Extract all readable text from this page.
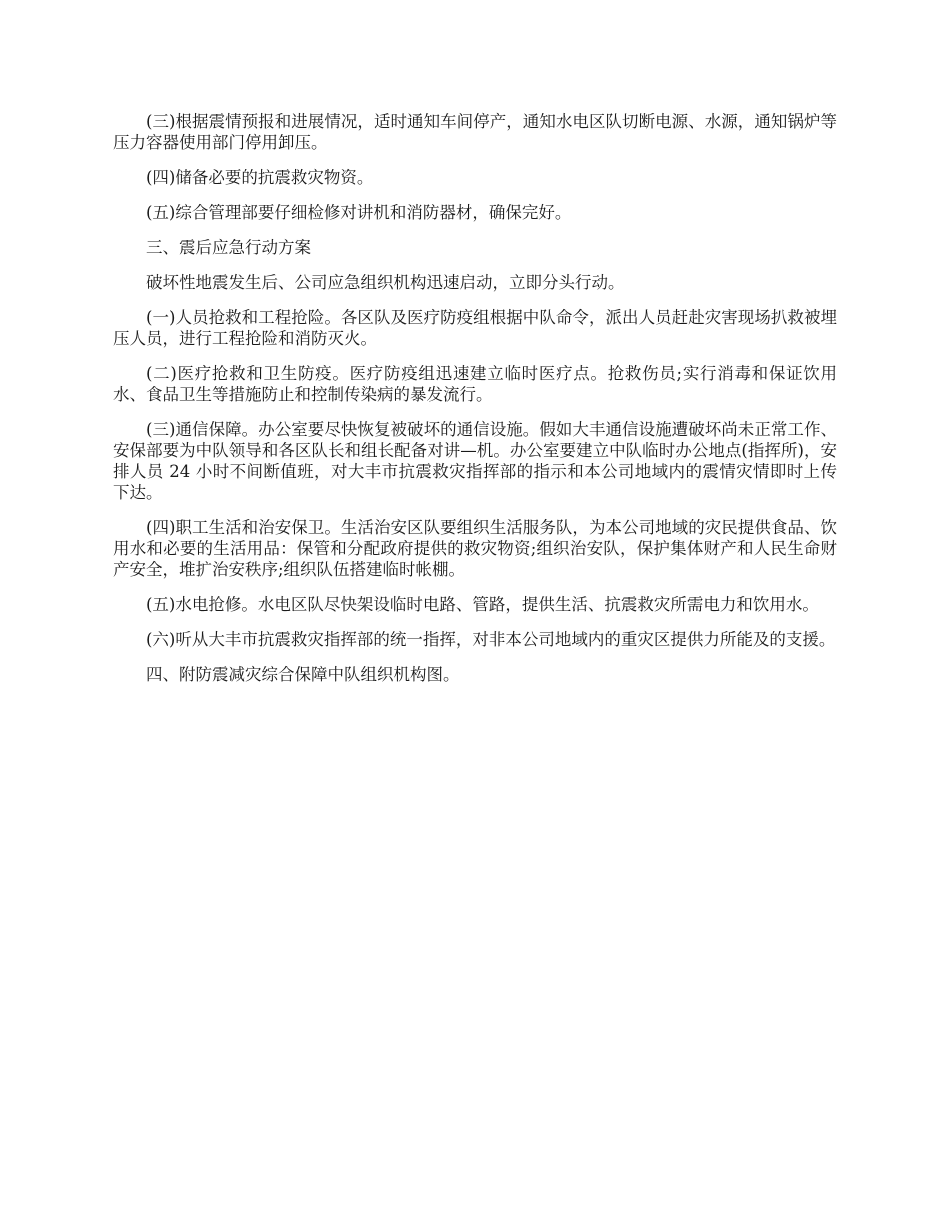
(三)根据震情预报和进展情况，适时通知车间停产，通知水电区队切断电源、水源，通知锅炉等压力容器使用部门停用卸压。

(四)储备必要的抗震救灾物资。

(五)综合管理部要仔细检修对讲机和消防器材，确保完好。

三、震后应急行动方案

破坏性地震发生后、公司应急组织机构迅速启动，立即分头行动。

(一)人员抢救和工程抢险。各区队及医疗防疫组根据中队命令，派出人员赶赴灾害现场扒救被埋压人员，进行工程抢险和消防灭火。

(二)医疗抢救和卫生防疫。医疗防疫组迅速建立临时医疗点。抢救伤员;实行消毒和保证饮用水、食品卫生等措施防止和控制传染病的暴发流行。

(三)通信保障。办公室要尽快恢复被破坏的通信设施。假如大丰通信设施遭破坏尚未正常工作、安保部要为中队领导和各区队长和组长配备对讲—机。办公室要建立中队临时办公地点(指挥所)，安排人员 24 小时不间断值班，对大丰市抗震救灾指挥部的指示和本公司地域内的震情灾情即时上传下达。

(四)职工生活和治安保卫。生活治安区队要组织生活服务队，为本公司地域的灾民提供食品、饮用水和必要的生活用品：保管和分配政府提供的救灾物资;组织治安队，保护集体财产和人民生命财产安全，堆扩治安秩序;组织队伍搭建临时帐棚。

(五)水电抢修。水电区队尽快架设临时电路、管路，提供生活、抗震救灾所需电力和饮用水。

(六)听从大丰市抗震救灾指挥部的统一指挥，对非本公司地域内的重灾区提供力所能及的支援。

四、附防震减灾综合保障中队组织机构图。
